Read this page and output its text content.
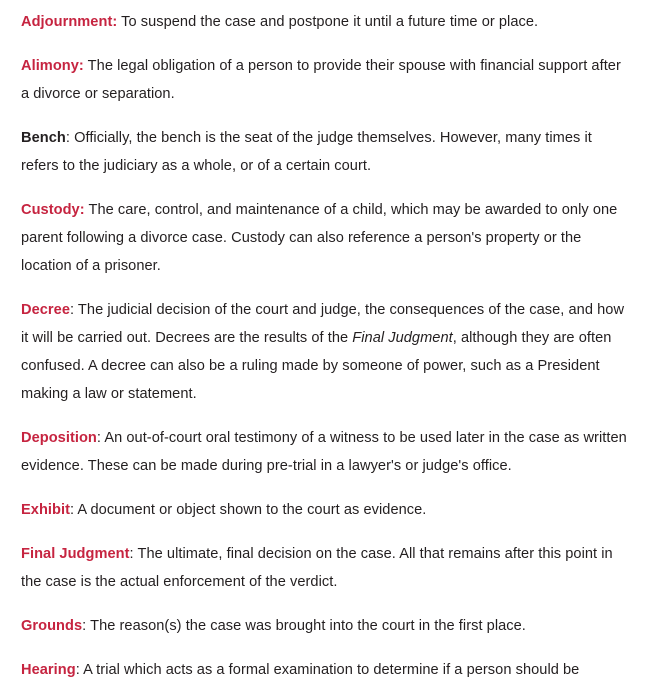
Adjournment: To suspend the case and postpone it until a future time or place.

Alimony: The legal obligation of a person to provide their spouse with financial support after a divorce or separation.

Bench: Officially, the bench is the seat of the judge themselves. However, many times it refers to the judiciary as a whole, or of a certain court.

Custody: The care, control, and maintenance of a child, which may be awarded to only one parent following a divorce case. Custody can also reference a person's property or the location of a prisoner.

Decree: The judicial decision of the court and judge, the consequences of the case, and how it will be carried out. Decrees are the results of the Final Judgment, although they are often confused. A decree can also be a ruling made by someone of power, such as a President making a law or statement.

Deposition: An out-of-court oral testimony of a witness to be used later in the case as written evidence. These can be made during pre-trial in a lawyer's or judge's office.

Exhibit: A document or object shown to the court as evidence.

Final Judgment: The ultimate, final decision on the case. All that remains after this point in the case is the actual enforcement of the verdict.

Grounds: The reason(s) the case was brought into the court in the first place.

Hearing: A trial which acts as a formal examination to determine if a person should be
